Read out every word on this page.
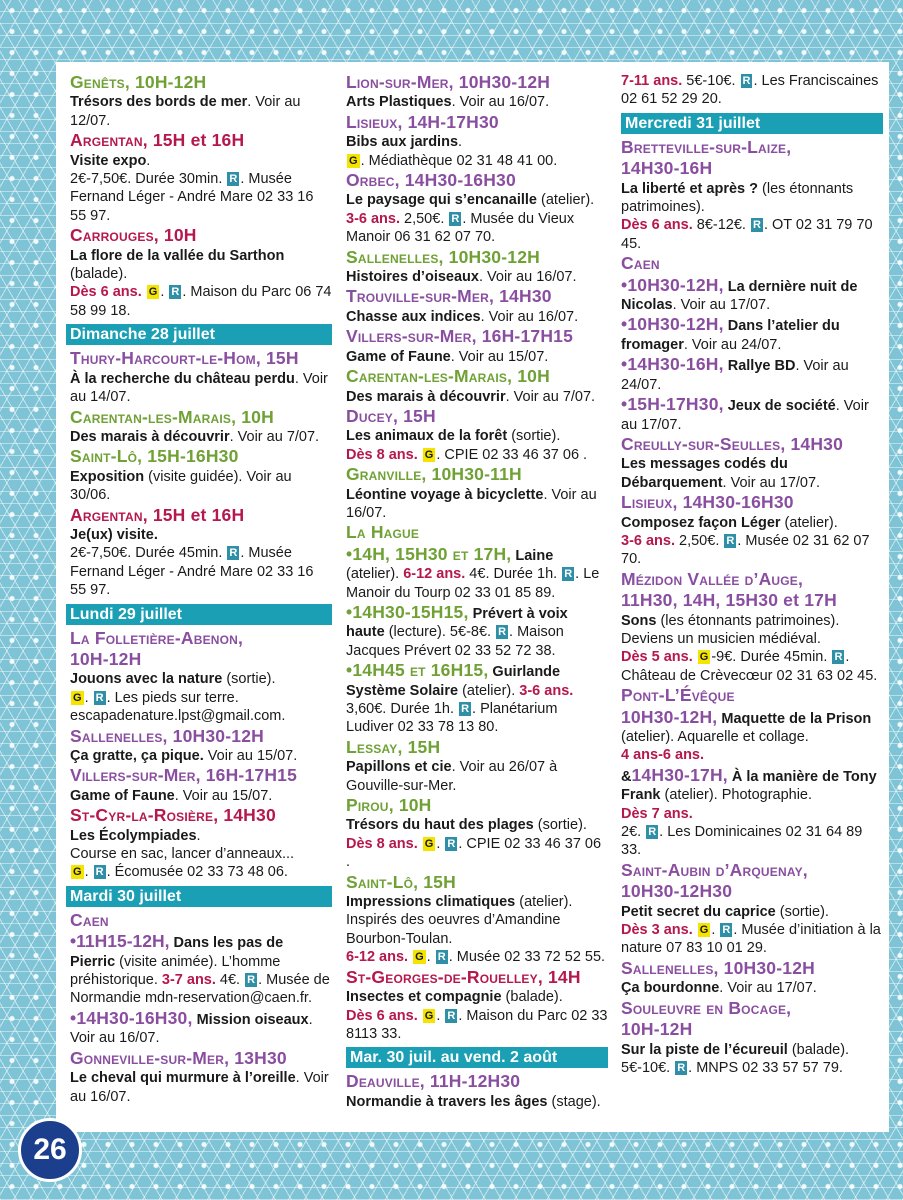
Genêts, 10H-12H
Trésors des bords de mer. Voir au 12/07.

Argentan, 15H et 16H
Visite expo.
2€-7,50€. Durée 30min. R . Musée Fernand Léger - André Mare 02 33 16 55 97.

Carrouges, 10H
La flore de la vallée du Sarthon (balade).
Dès 6 ans. G . R . Maison du Parc 06 74 58 99 18.

Dimanche 28 juillet

Thury-Harcourt-le-Hom, 15H
À la recherche du château perdu. Voir au 14/07.

Carentan-les-Marais, 10H
Des marais à découvrir. Voir au 7/07.

Saint-Lô, 15H-16H30
Exposition (visite guidée). Voir au 30/06.

Argentan, 15H et 16H
Je(ux) visite.
2€-7,50€. Durée 45min. R . Musée Fernand Léger - André Mare 02 33 16 55 97.

Lundi 29 juillet

La Folletière-Abenon,
10H-12H
Jouons avec la nature (sortie).
G . R . Les pieds sur terre. escapadenature.lpst@gmail.com.

Sallenelles, 10H30-12H
Ça gratte, ça pique. Voir au 15/07.

Villers-sur-Mer, 16H-17H15
Game of Faune. Voir au 15/07.

St-Cyr-la-Rosière, 14H30
Les Écolympiades.
Course en sac, lancer d’anneaux...
G . R . Écomusée 02 33 73 48 06.

Mardi 30 juillet

Caen
•11H15-12H, Dans les pas de Pierric (visite animée). L’homme préhistorique. 3-7 ans. 4€. R . Musée de Normandie mdn-reservation@caen.fr.
•14H30-16H30, Mission oiseaux. Voir au 16/07.

Gonneville-sur-Mer, 13H30
Le cheval qui murmure à l’oreille. Voir au 16/07.

Lion-sur-Mer, 10H30-12H
Arts Plastiques. Voir au 16/07.

Lisieux, 14H-17H30
Bibs aux jardins.
G . Médiathèque 02 31 48 41 00.

Orbec, 14H30-16H30
Le paysage qui s’encanaille (atelier).
3-6 ans. 2,50€. R . Musée du Vieux Manoir 06 31 62 07 70.

Sallenelles, 10H30-12H
Histoires d’oiseaux. Voir au 16/07.

Trouville-sur-Mer, 14H30
Chasse aux indices. Voir au 16/07.

Villers-sur-Mer, 16H-17H15
Game of Faune. Voir au 15/07.

Carentan-les-Marais, 10H
Des marais à découvrir. Voir au 7/07.

Ducey, 15H
Les animaux de la forêt (sortie).
Dès 8 ans. G . CPIE 02 33 46 37 06 .

Granville, 10H30-11H
Léontine voyage à bicyclette. Voir au 16/07.

La Hague
•14H, 15H30 et 17H, Laine (atelier). 6-12 ans. 4€. Durée 1h. R . Le Manoir du Tourp 02 33 01 85 89.
•14H30-15H15, Prévert à voix haute (lecture). 5€-8€. R . Maison Jacques Prévert 02 33 52 72 38.
•14H45 et 16H15, Guirlande Système Solaire (atelier). 3-6 ans. 3,60€. Durée 1h. R . Planétarium Ludiver 02 33 78 13 80.

Lessay, 15H
Papillons et cie. Voir au 26/07 à Gouville-sur-Mer.

Pirou, 10H
Trésors du haut des plages (sortie).
Dès 8 ans. G . R . CPIE 02 33 46 37 06 .

Saint-Lô, 15H
Impressions climatiques (atelier). Inspirés des oeuvres d’Amandine Bourbon-Toulan.
6-12 ans. G . R . Musée 02 33 72 52 55.

St-Georges-de-Rouelley, 14H
Insectes et compagnie (balade).
Dès 6 ans. G . R . Maison du Parc 02 33 8113 33.

Mar. 30 juil. au vend. 2 août

Deauville, 11H-12H30
Normandie à travers les âges (stage).

7-11 ans. 5€-10€. R . Les Franciscaines 02 61 52 29 20.

Mercredi 31 juillet

Bretteville-sur-Laize,
14H30-16H
La liberté et après ? (les étonnants patrimoines).
Dès 6 ans. 8€-12€. R . OT 02 31 79 70 45.

Caen
•10H30-12H, La dernière nuit de Nicolas. Voir au 17/07.
•10H30-12H, Dans l’atelier du fromager. Voir au 24/07.
•14H30-16H, Rallye BD. Voir au 24/07.
•15H-17H30, Jeux de société. Voir au 17/07.

Creully-sur-Seulles, 14H30
Les messages codés du Débarquement. Voir au 17/07.

Lisieux, 14H30-16H30
Composez façon Léger (atelier).
3-6 ans. 2,50€. R . Musée 02 31 62 07 70.

Mézidon Vallée d’Auge,
11H30, 14H, 15H30 et 17H
Sons (les étonnants patrimoines). Deviens un musicien médiéval.
Dès 5 ans. G -9€. Durée 45min. R . Château de Crèvecœur 02 31 63 02 45.

Pont-L’Évêque
10H30-12H, Maquette de la Prison (atelier). Aquarelle et collage.
4 ans-6 ans.
&14H30-17H, À la manière de Tony Frank (atelier). Photographie.
Dès 7 ans.
2€. R . Les Dominicaines 02 31 64 89 33.

Saint-Aubin d’Arquenay,
10H30-12H30
Petit secret du caprice (sortie).
Dès 3 ans. G . R . Musée d’initiation à la nature 07 83 10 01 29.

Sallenelles, 10H30-12H
Ça bourdonne. Voir au 17/07.

Souleuvre en Bocage,
10H-12H
Sur la piste de l’écureuil (balade).
5€-10€. R . MNPS 02 33 57 57 79.

26
